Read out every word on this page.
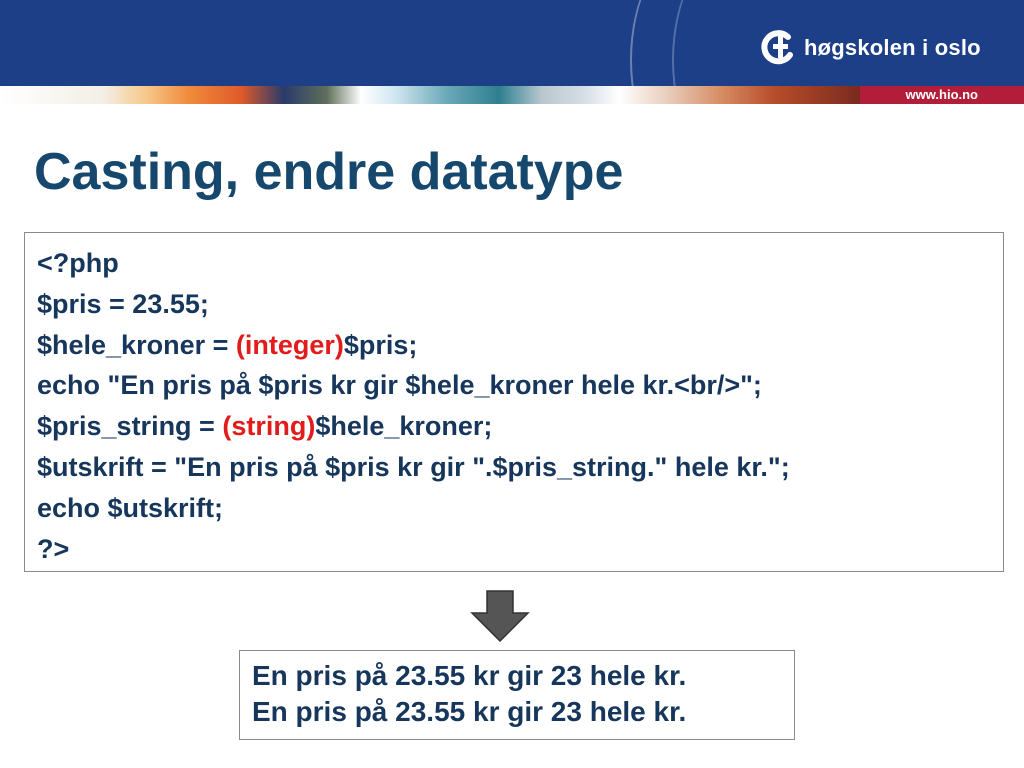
høgskolen i oslo
www.hio.no
Casting, endre datatype
<?php
$pris = 23.55;
$hele_kroner = (integer)$pris;
echo "En pris på $pris kr gir $hele_kroner hele kr.<br/>";
$pris_string = (string)$hele_kroner;
$utskrift = "En pris på $pris kr gir ".$pris_string." hele kr.";
echo $utskrift;
?>
En pris på 23.55 kr gir 23 hele kr.
En pris på 23.55 kr gir 23 hele kr.
